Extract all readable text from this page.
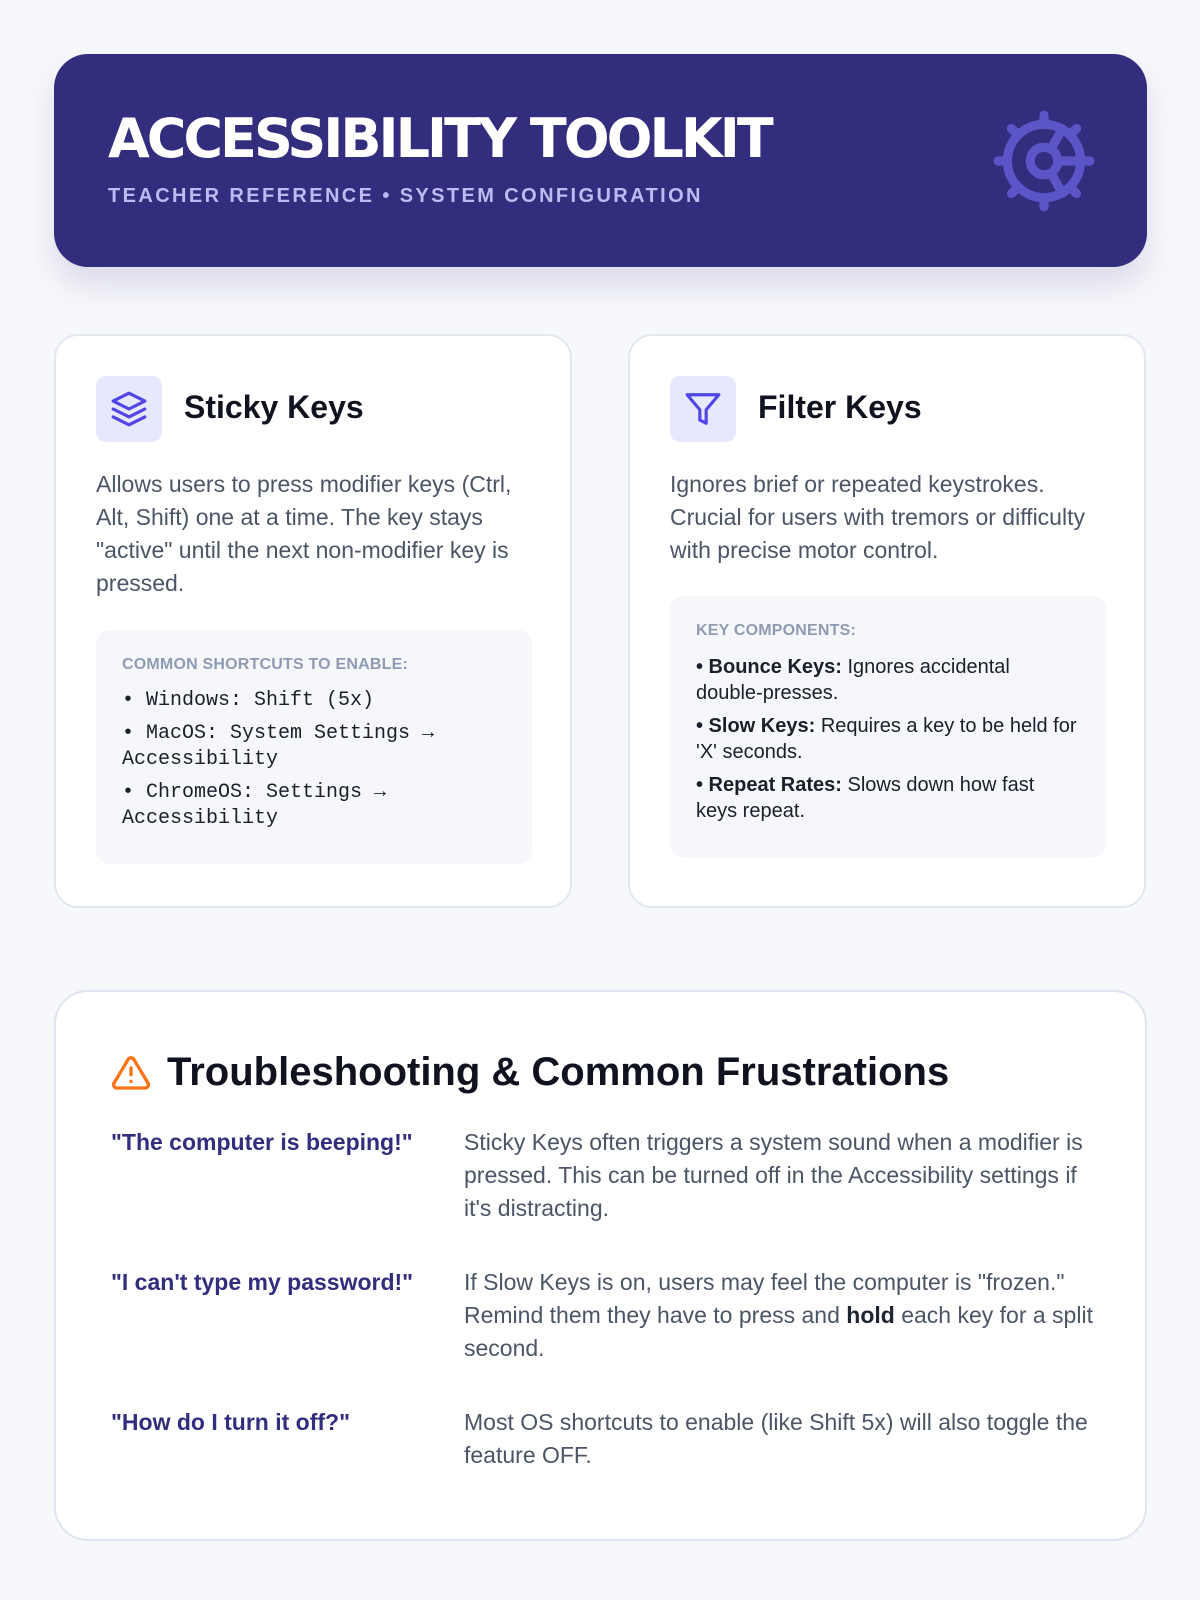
ACCESSIBILITY TOOLKIT
TEACHER REFERENCE • SYSTEM CONFIGURATION
Sticky Keys
Allows users to press modifier keys (Ctrl, Alt, Shift) one at a time. The key stays "active" until the next non-modifier key is pressed.
COMMON SHORTCUTS TO ENABLE:
• Windows: Shift (5x)
• MacOS: System Settings → Accessibility
• ChromeOS: Settings → Accessibility
Filter Keys
Ignores brief or repeated keystrokes. Crucial for users with tremors or difficulty with precise motor control.
KEY COMPONENTS:
• Bounce Keys: Ignores accidental double-presses.
• Slow Keys: Requires a key to be held for 'X' seconds.
• Repeat Rates: Slows down how fast keys repeat.
Troubleshooting & Common Frustrations
"The computer is beeping!"	Sticky Keys often triggers a system sound when a modifier is pressed. This can be turned off in the Accessibility settings if it's distracting.
"I can't type my password!"	If Slow Keys is on, users may feel the computer is "frozen." Remind them they have to press and hold each key for a split second.
"How do I turn it off?"	Most OS shortcuts to enable (like Shift 5x) will also toggle the feature OFF.
